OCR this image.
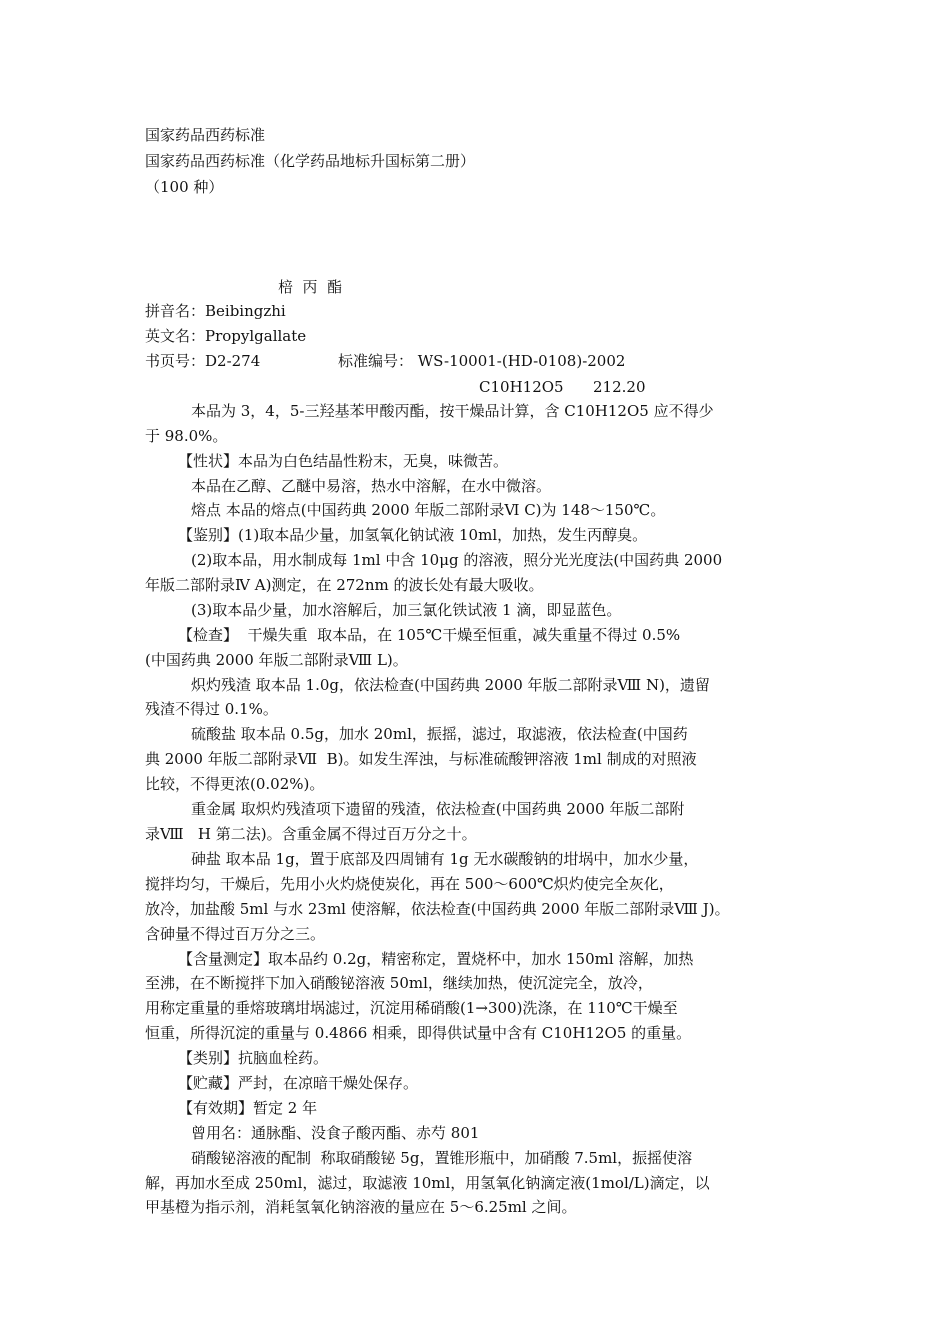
国家药品西药标准

国家药品西药标准（化学药品地标升国标第二册）

（100 种）

棓  丙  酯

拼音名：Beibingzhi

英文名：Propylgallate

书页号：D2-274	标准编号： WS-10001-(HD-0108)-2002

C10H12O5 212.20

本品为 3，4，5-三羟基苯甲酸丙酯，按干燥品计算，含 C10H12O5 应不得少

于 98.0%。

【性状】本品为白色结晶性粉末，无臭，味微苦。

本品在乙醇、乙醚中易溶，热水中溶解，在水中微溶。

熔点 本品的熔点(中国药典 2000 年版二部附录Ⅵ C)为 148～150℃。

【鉴别】(1)取本品少量，加氢氧化钠试液 10ml，加热，发生丙醇臭。

(2)取本品，用水制成每 1ml 中含 10μg 的溶液，照分光光度法(中国药典 2000

年版二部附录Ⅳ A)测定，在 272nm 的波长处有最大吸收。

(3)取本品少量，加水溶解后，加三氯化铁试液 1 滴，即显蓝色。

【检查】  干燥失重  取本品，在 105℃干燥至恒重，减失重量不得过 0.5%

(中国药典 2000 年版二部附录Ⅷ L)。

炽灼残渣 取本品 1.0g，依法检查(中国药典 2000 年版二部附录Ⅷ N)，遗留

残渣不得过 0.1%。

硫酸盐 取本品 0.5g，加水 20ml，振摇，滤过，取滤液，依法检查(中国药

典 2000 年版二部附录Ⅶ  B)。如发生浑浊，与标准硫酸钾溶液 1ml 制成的对照液

比较，不得更浓(0.02%)。

重金属 取炽灼残渣项下遗留的残渣，依法检查(中国药典 2000 年版二部附

录Ⅷ   H 第二法)。含重金属不得过百万分之十。

砷盐 取本品 1g，置于底部及四周铺有 1g 无水碳酸钠的坩埚中，加水少量，

搅拌均匀，干燥后，先用小火灼烧使炭化，再在 500～600℃炽灼使完全灰化，

放冷，加盐酸 5ml 与水 23ml 使溶解，依法检查(中国药典 2000 年版二部附录Ⅷ J)。

含砷量不得过百万分之三。

【含量测定】取本品约 0.2g，精密称定，置烧杯中，加水 150ml 溶解，加热

至沸，在不断搅拌下加入硝酸铋溶液 50ml，继续加热，使沉淀完全，放冷，

用称定重量的垂熔玻璃坩埚滤过，沉淀用稀硝酸(1→300)洗涤，在 110℃干燥至

恒重，所得沉淀的重量与 0.4866 相乘，即得供试量中含有 C10H12O5 的重量。

【类别】抗脑血栓药。

【贮藏】严封，在凉暗干燥处保存。

【有效期】暂定 2 年

曾用名：通脉酯、没食子酸丙酯、赤芍 801

硝酸铋溶液的配制  称取硝酸铋 5g，置锥形瓶中，加硝酸 7.5ml，振摇使溶

解，再加水至成 250ml，滤过，取滤液 10ml，用氢氧化钠滴定液(1mol/L)滴定，以

甲基橙为指示剂，消耗氢氧化钠溶液的量应在 5～6.25ml 之间。
